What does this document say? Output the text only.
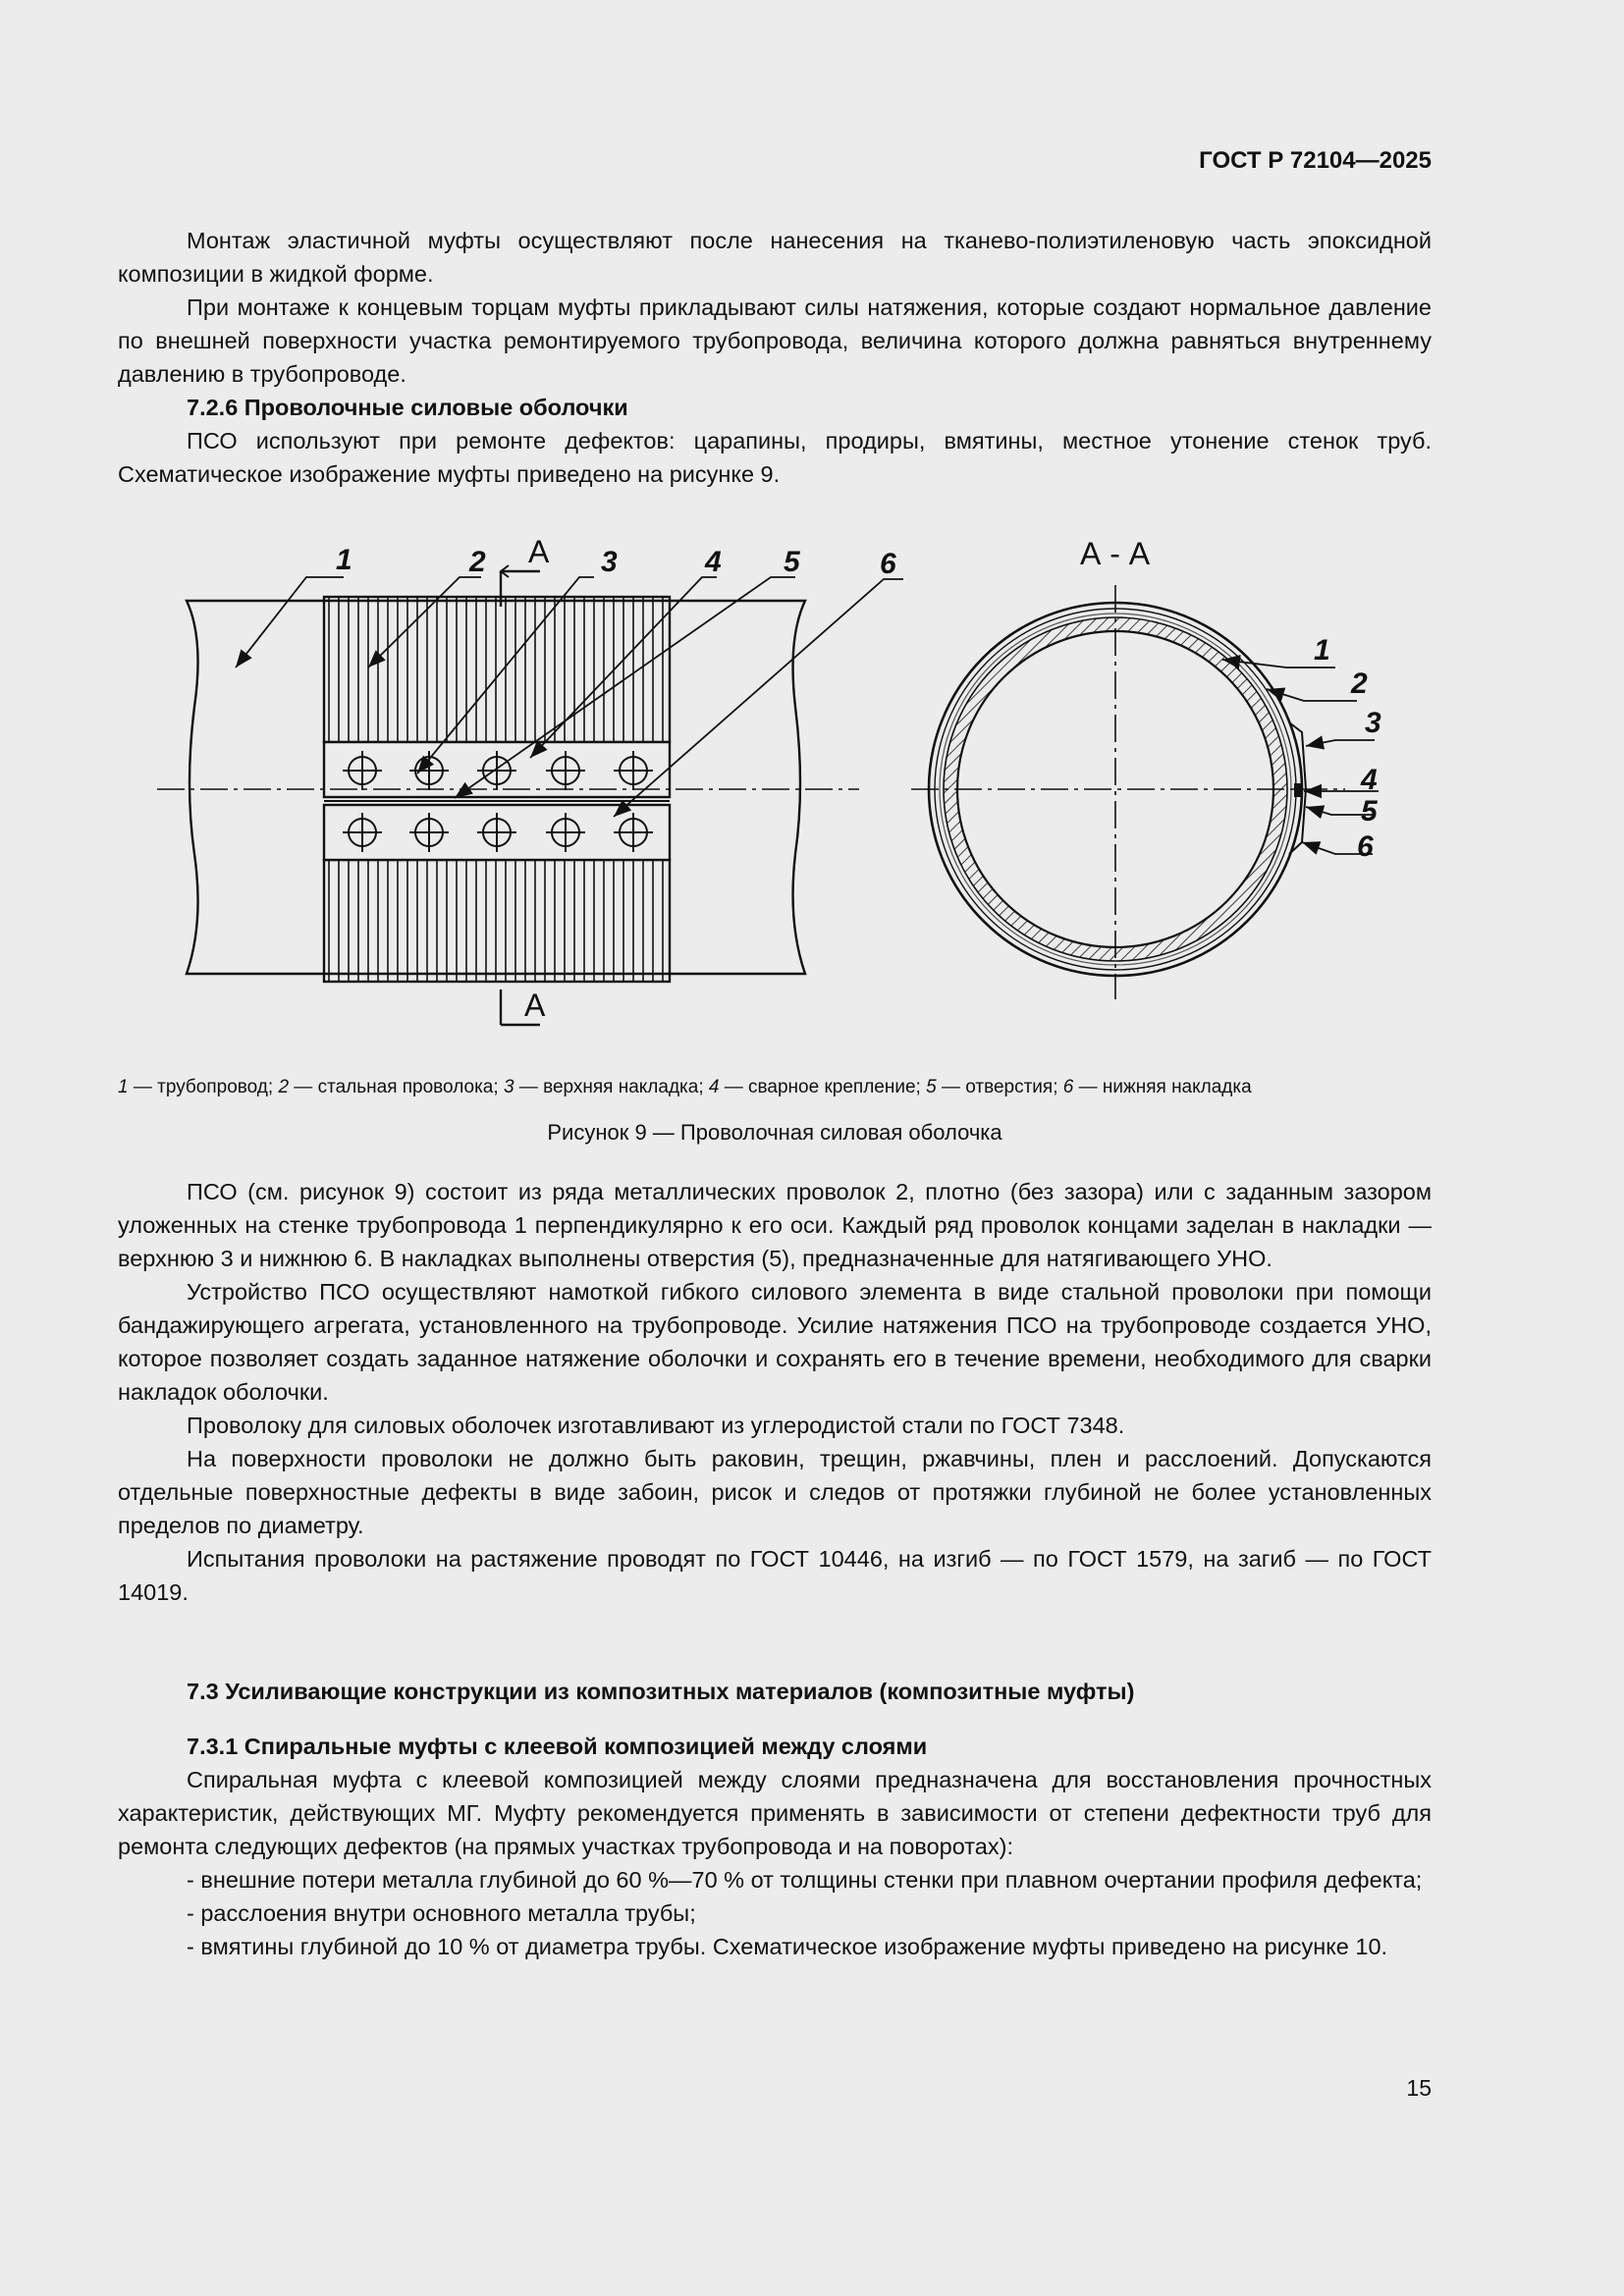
ГОСТ Р 72104—2025

Монтаж эластичной муфты осуществляют после нанесения на тканево-полиэтиленовую часть эпоксидной композиции в жидкой форме.

При монтаже к концевым торцам муфты прикладывают силы натяжения, которые создают нормальное давление по внешней поверхности участка ремонтируемого трубопровода, величина которого должна равняться внутреннему давлению в трубопроводе.

7.2.6 Проволочные силовые оболочки

ПСО используют при ремонте дефектов: царапины, продиры, вмятины, местное утонение стенок труб. Схематическое изображение муфты приведено на рисунке 9.

А
А
1	2	3	4 5	6	А - А
1
2
3
4
5
6
1 — трубопровод; 2 — стальная проволока; 3 — верхняя накладка; 4 — сварное крепление; 5 — отверстия; 6 — нижняя накладка
Рисунок 9 — Проволочная силовая оболочка

ПСО (см. рисунок 9) состоит из ряда металлических проволок 2, плотно (без зазора) или с заданным зазором уложенных на стенке трубопровода 1 перпендикулярно к его оси. Каждый ряд проволок концами заделан в накладки — верхнюю 3 и нижнюю 6. В накладках выполнены отверстия (5), предназначенные для натягивающего УНО.

Устройство ПСО осуществляют намоткой гибкого силового элемента в виде стальной проволоки при помощи бандажирующего агрегата, установленного на трубопроводе. Усилие натяжения ПСО на трубопроводе создается УНО, которое позволяет создать заданное натяжение оболочки и сохранять его в течение времени, необходимого для сварки накладок оболочки.

Проволоку для силовых оболочек изготавливают из углеродистой стали по ГОСТ 7348.

На поверхности проволоки не должно быть раковин, трещин, ржавчины, плен и расслоений. Допускаются отдельные поверхностные дефекты в виде забоин, рисок и следов от протяжки глубиной не более установленных пределов по диаметру.

Испытания проволоки на растяжение проводят по ГОСТ 10446, на изгиб — по ГОСТ 1579, на загиб — по ГОСТ 14019.

7.3 Усиливающие конструкции из композитных материалов (композитные муфты)

7.3.1 Спиральные муфты с клеевой композицией между слоями

Спиральная муфта с клеевой композицией между слоями предназначена для восстановления прочностных характеристик, действующих МГ. Муфту рекомендуется применять в зависимости от степени дефектности труб для ремонта следующих дефектов (на прямых участках трубопровода и на поворотах):

- внешние потери металла глубиной до 60 %—70 % от толщины стенки при плавном очертании профиля дефекта;

- расслоения внутри основного металла трубы;

- вмятины глубиной до 10 % от диаметра трубы. Схематическое изображение муфты приведено на рисунке 10.

15
